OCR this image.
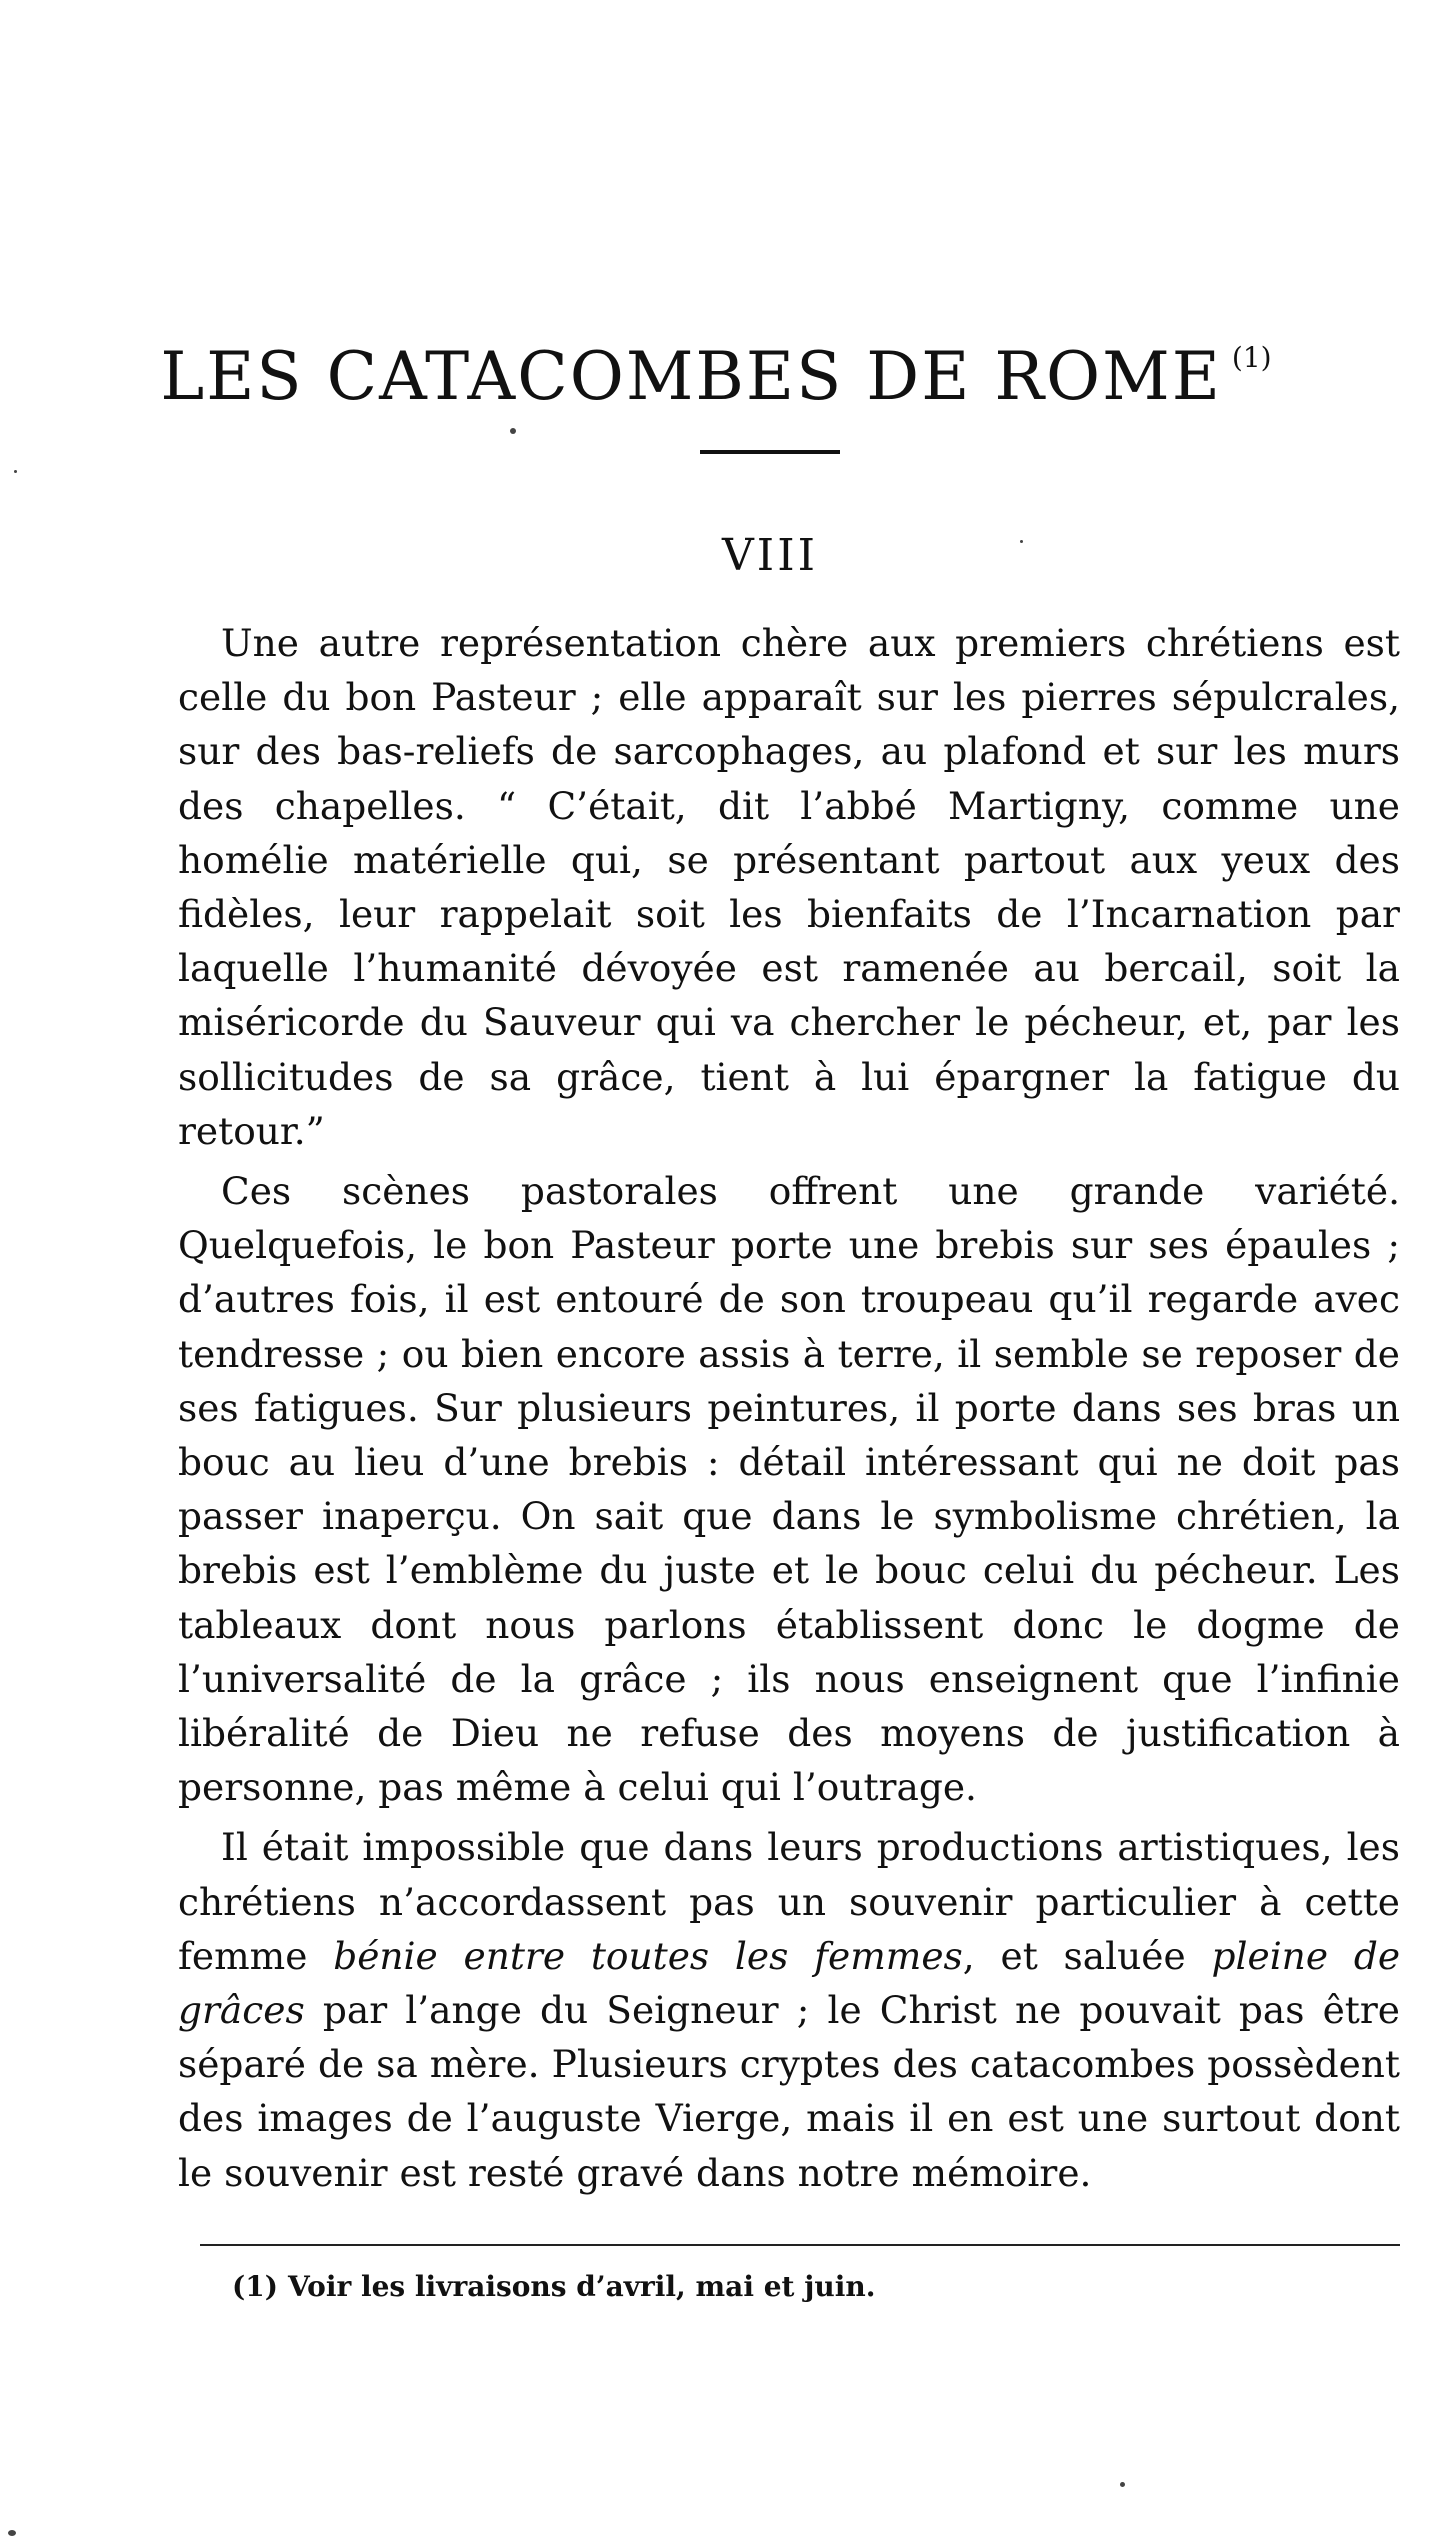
LES CATACOMBES DE ROME $^{(1)}$
VIII

Une autre représentation chère aux premiers chrétiens est celle du bon Pasteur ; elle apparaît sur les pierres sépulcrales, sur des bas-reliefs de sarcophages, au plafond et sur les murs des chapelles. “ C’était, dit l’abbé Martigny, comme une homélie matérielle qui, se présentant partout aux yeux des fidèles, leur rappelait soit les bienfaits de l’Incarnation par laquelle l’humanité dévoyée est ramenée au bercail, soit la miséricorde du Sauveur qui va chercher le pécheur, et, par les sollicitudes de sa grâce, tient à lui épargner la fatigue du retour.”

Ces scènes pastorales offrent une grande variété. Quelquefois, le bon Pasteur porte une brebis sur ses épaules ; d’autres fois, il est entouré de son troupeau qu’il regarde avec tendresse ; ou bien encore assis à terre, il semble se reposer de ses fatigues. Sur plusieurs peintures, il porte dans ses bras un bouc au lieu d’une brebis : détail intéressant qui ne doit pas passer inaperçu. On sait que dans le symbolisme chrétien, la brebis est l’emblème du juste et le bouc celui du pécheur. Les tableaux dont nous parlons établissent donc le dogme de l’universalité de la grâce ; ils nous enseignent que l’infinie libéralité de Dieu ne refuse des moyens de justification à personne, pas même à celui qui l’outrage.

Il était impossible que dans leurs productions artistiques, les chrétiens n’accordassent pas un souvenir particulier à cette femme bénie entre toutes les femmes, et saluée pleine de grâces par l’ange du Seigneur ; le Christ ne pouvait pas être séparé de sa mère. Plusieurs cryptes des catacombes possèdent des images de l’auguste Vierge, mais il en est une surtout dont le souvenir est resté gravé dans notre mémoire.

(1) Voir les livraisons d’avril, mai et juin.
